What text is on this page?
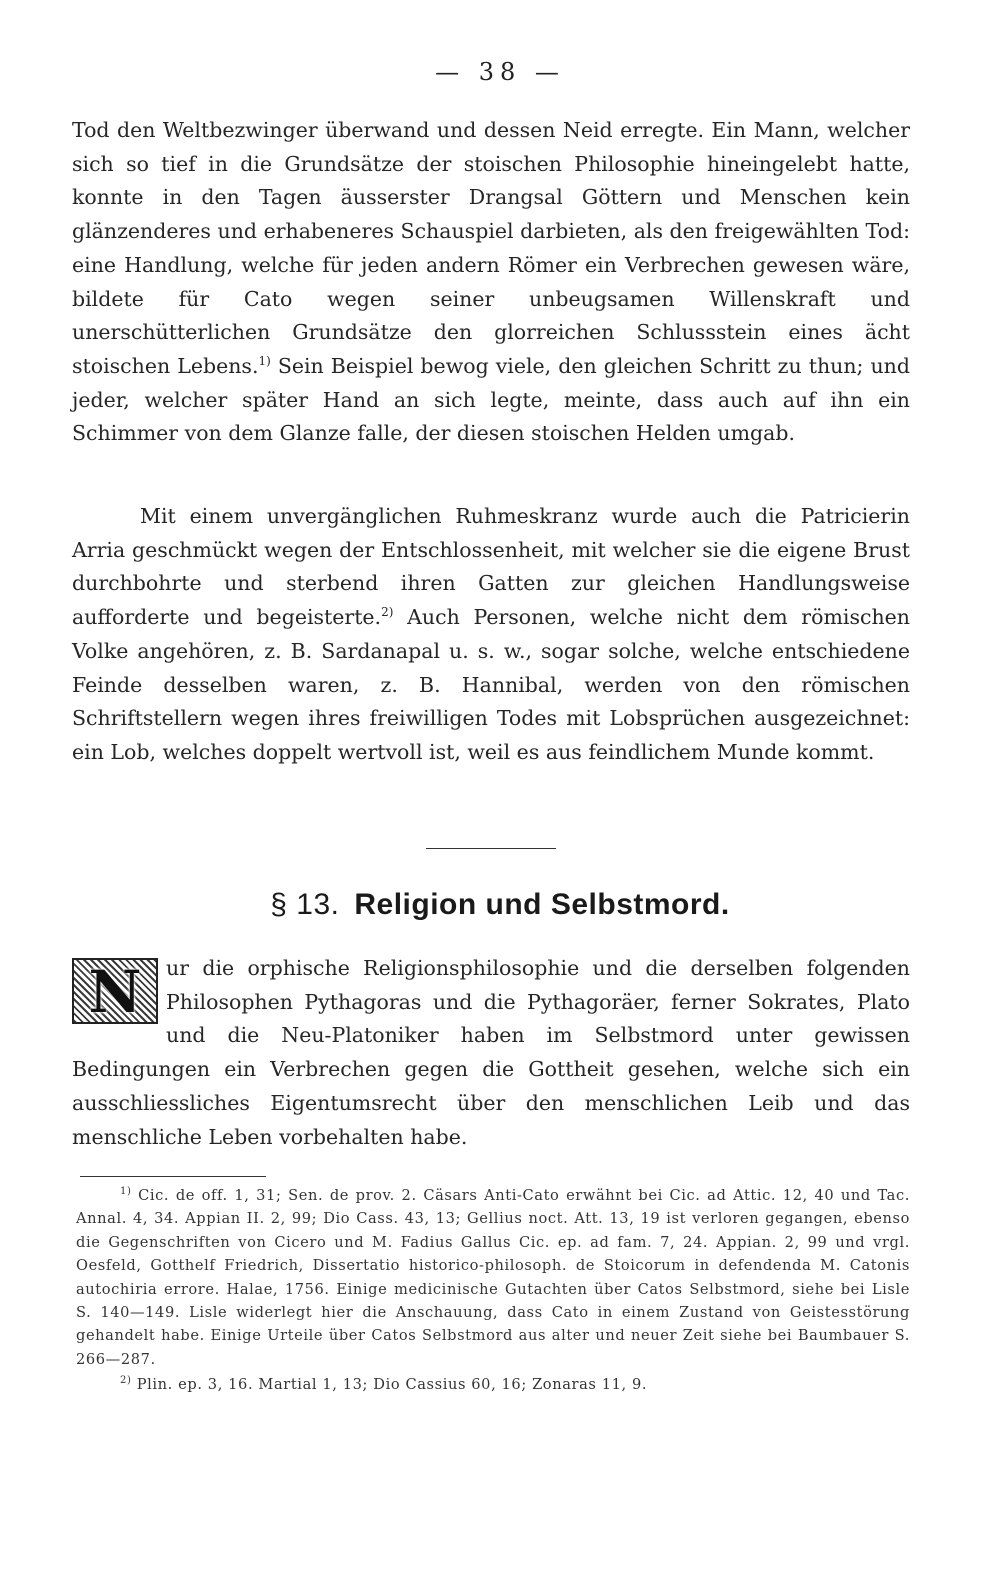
— 38 —
Tod den Weltbezwinger überwand und dessen Neid erregte. Ein Mann, welcher sich so tief in die Grundsätze der stoischen Philosophie hineingelebt hatte, konnte in den Tagen äusserster Drangsal Göttern und Menschen kein glänzenderes und erhabeneres Schauspiel darbieten, als den freigewählten Tod: eine Handlung, welche für jeden andern Römer ein Verbrechen gewesen wäre, bildete für Cato wegen seiner unbeugsamen Willenskraft und unerschütterlichen Grundsätze den glorreichen Schlussstein eines ächt stoischen Lebens.$^{1)}$ Sein Beispiel bewog viele, den gleichen Schritt zu thun; und jeder, welcher später Hand an sich legte, meinte, dass auch auf ihn ein Schimmer von dem Glanze falle, der diesen stoischen Helden umgab.
Mit einem unvergänglichen Ruhmeskranz wurde auch die Patricierin Arria geschmückt wegen der Entschlossenheit, mit welcher sie die eigene Brust durchbohrte und sterbend ihren Gatten zur gleichen Handlungsweise aufforderte und begeisterte.$^{2)}$ Auch Personen, welche nicht dem römischen Volke angehören, z. B. Sardanapal u. s. w., sogar solche, welche entschiedene Feinde desselben waren, z. B. Hannibal, werden von den römischen Schriftstellern wegen ihres freiwilligen Todes mit Lobsprüchen ausgezeichnet: ein Lob, welches doppelt wertvoll ist, weil es aus feindlichem Munde kommt.
§ 13. Religion und Selbstmord.
N	ur die orphische Religionsphilosophie und die derselben folgenden Philosophen Pythagoras und die Pythagoräer, ferner Sokrates, Plato und die Neu-Platoniker haben im Selbstmord unter gewissen Bedingungen ein Verbrechen gegen die Gottheit gesehen, welche sich ein ausschliessliches Eigentumsrecht über den menschlichen Leib und das menschliche Leben vorbehalten habe.

$^{1)}$ Cic. de off. 1, 31; Sen. de prov. 2. Cäsars Anti-Cato erwähnt bei Cic. ad Attic. 12, 40 und Tac. Annal. 4, 34. Appian II. 2, 99; Dio Cass. 43, 13; Gellius noct. Att. 13, 19 ist verloren gegangen, ebenso die Gegenschriften von Cicero und M. Fadius Gallus Cic. ep. ad fam. 7, 24. Appian. 2, 99 und vrgl. Oesfeld, Gotthelf Friedrich, Dissertatio historico-philosoph. de Stoicorum in defendenda M. Catonis autochiria errore. Halae, 1756. Einige medicinische Gutachten über Catos Selbstmord, siehe bei Lisle S. 140—149. Lisle widerlegt hier die Anschauung, dass Cato in einem Zustand von Geistesstörung gehandelt habe. Einige Urteile über Catos Selbstmord aus alter und neuer Zeit siehe bei Baumbauer S. 266—287.

$^{2)}$ Plin. ep. 3, 16. Martial 1, 13; Dio Cassius 60, 16; Zonaras 11, 9.
